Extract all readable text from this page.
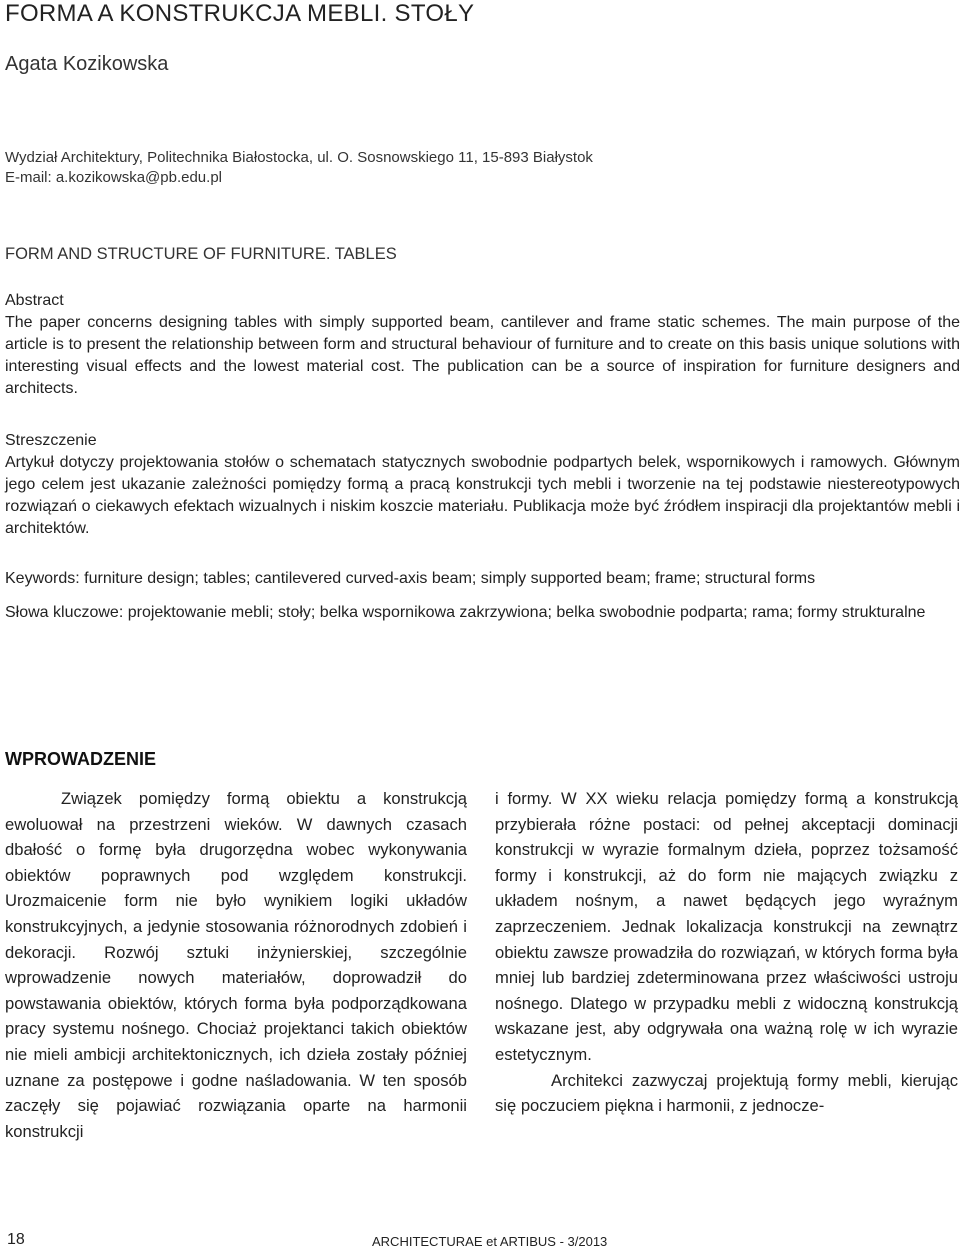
FORMA A KONSTRUKCJA MEBLI. STOŁY
Agata Kozikowska
Wydział Architektury, Politechnika Białostocka, ul. O. Sosnowskiego 11, 15-893 Białystok
E-mail: a.kozikowska@pb.edu.pl
FORM AND STRUCTURE OF FURNITURE. TABLES
Abstract
The paper concerns designing tables with simply supported beam, cantilever and frame static schemes. The main purpose of the article is to present the relationship between form and structural behaviour of furniture and to create on this basis unique solutions with interesting visual effects and the lowest material cost. The publication can be a source of inspiration for furniture designers and architects.
Streszczenie
Artykuł dotyczy projektowania stołów o schematach statycznych swobodnie podpartych belek, wspornikowych i ramowych. Głównym jego celem jest ukazanie zależności pomiędzy formą a pracą konstrukcji tych mebli i tworzenie na tej podstawie niestereotypowych rozwiązań o ciekawych efektach wizualnych i niskim koszcie materiału. Publikacja może być źródłem inspiracji dla projektantów mebli i architektów.
Keywords: furniture design; tables; cantilevered curved-axis beam; simply supported beam; frame; structural forms
Słowa kluczowe: projektowanie mebli; stoły; belka wspornikowa zakrzywiona; belka swobodnie podparta; rama; formy strukturalne
WPROWADZENIE

Związek pomiędzy formą obiektu a konstrukcją ewoluował na przestrzeni wieków. W dawnych czasach dbałość o formę była drugorzędna wobec wykonywania obiektów poprawnych pod względem konstrukcji. Urozmaicenie form nie było wynikiem logiki układów konstrukcyjnych, a jedynie stosowania różnorodnych zdobień i dekoracji. Rozwój sztuki inżynierskiej, szczególnie wprowadzenie nowych materiałów, doprowadził do powstawania obiektów, których forma była podporządkowana pracy systemu nośnego. Chociaż projektanci takich obiektów nie mieli ambicji architektonicznych, ich dzieła zostały później uznane za postępowe i godne naśladowania. W ten sposób zaczęły się pojawiać rozwiązania oparte na harmonii konstrukcji

i formy. W XX wieku relacja pomiędzy formą a konstrukcją przybierała różne postaci: od pełnej akceptacji dominacji konstrukcji w wyrazie formalnym dzieła, poprzez tożsamość formy i konstrukcji, aż do form nie mających związku z układem nośnym, a nawet będących jego wyraźnym zaprzeczeniem. Jednak lokalizacja konstrukcji na zewnątrz obiektu zawsze prowadziła do rozwiązań, w których forma była mniej lub bardziej zdeterminowana przez właściwości ustroju nośnego. Dlatego w przypadku mebli z widoczną konstrukcją wskazane jest, aby odgrywała ona ważną rolę w ich wyrazie estetycznym.

Architekci zazwyczaj projektują formy mebli, kierując się poczuciem piękna i harmonii, z jednocze-

18	ARCHITECTURAE et ARTIBUS - 3/2013
